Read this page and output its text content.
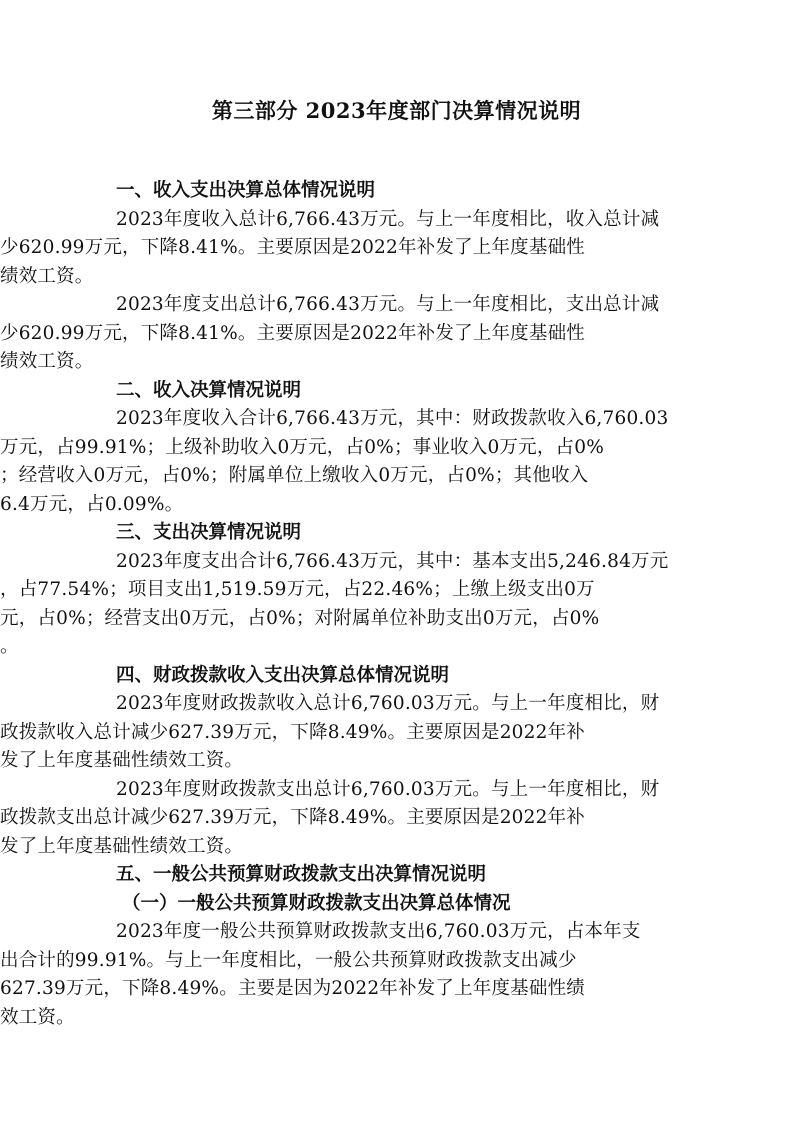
第三部分 2023年度部门决算情况说明

一、收入支出决算总体情况说明

2023年度收入总计6,766.43万元。与上一年度相比，收入总计减
少620.99万元，下降8.41%。主要原因是2022年补发了上年度基础性
绩效工资。

2023年度支出总计6,766.43万元。与上一年度相比，支出总计减
少620.99万元，下降8.41%。主要原因是2022年补发了上年度基础性
绩效工资。

二、收入决算情况说明

2023年度收入合计6,766.43万元，其中：财政拨款收入6,760.03
万元，占99.91%；上级补助收入0万元，占0%；事业收入0万元，占0%
；经营收入0万元，占0%；附属单位上缴收入0万元，占0%；其他收入
6.4万元，占0.09%。

三、支出决算情况说明

2023年度支出合计6,766.43万元，其中：基本支出5,246.84万元
，占77.54%；项目支出1,519.59万元，占22.46%；上缴上级支出0万
元，占0%；经营支出0万元，占0%；对附属单位补助支出0万元，占0%
。

四、财政拨款收入支出决算总体情况说明

2023年度财政拨款收入总计6,760.03万元。与上一年度相比，财
政拨款收入总计减少627.39万元，下降8.49%。主要原因是2022年补
发了上年度基础性绩效工资。

2023年度财政拨款支出总计6,760.03万元。与上一年度相比，财
政拨款支出总计减少627.39万元，下降8.49%。主要原因是2022年补
发了上年度基础性绩效工资。

五、一般公共预算财政拨款支出决算情况说明

（一）一般公共预算财政拨款支出决算总体情况

2023年度一般公共预算财政拨款支出6,760.03万元，占本年支
出合计的99.91%。与上一年度相比，一般公共预算财政拨款支出减少
627.39万元，下降8.49%。主要是因为2022年补发了上年度基础性绩
效工资。
